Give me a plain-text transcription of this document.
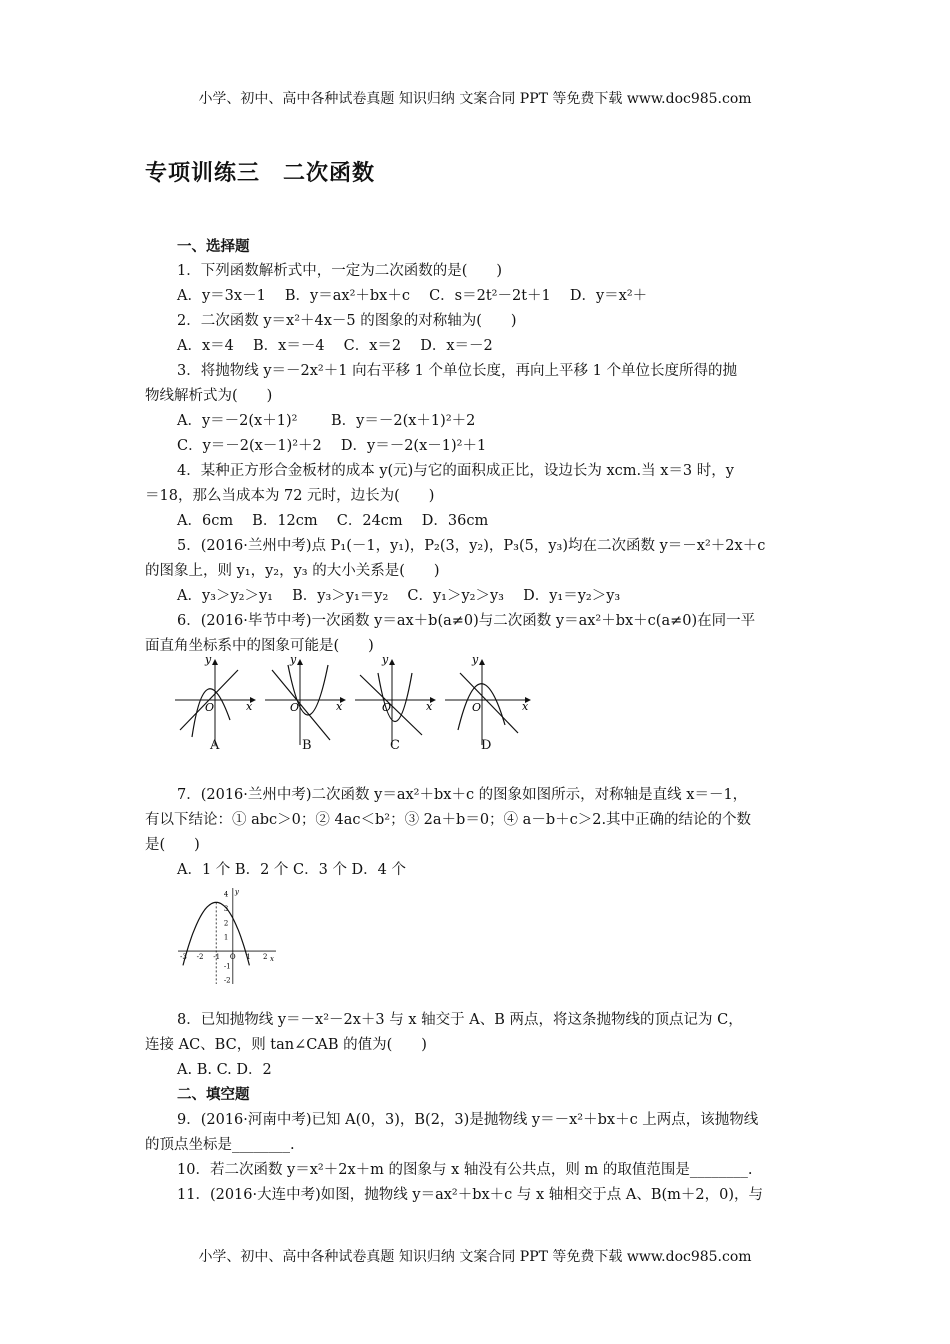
小学、初中、高中各种试卷真题 知识归纳 文案合同 PPT 等免费下载 www.doc985.com
专项训练三　二次函数
一、选择题
1．下列函数解析式中，一定为二次函数的是(　　)
A．y＝3x－1　 B．y＝ax²＋bx＋c　 C．s＝2t²－2t＋1　 D．y＝x²＋
2．二次函数 y＝x²＋4x－5 的图象的对称轴为(　　)
A．x＝4　 B．x＝－4　 C．x＝2　 D．x＝－2
3．将抛物线 y＝－2x²＋1 向右平移 1 个单位长度，再向上平移 1 个单位长度所得的抛
物线解析式为(　　)
A．y＝－2(x＋1)²　　 B．y＝－2(x＋1)²＋2
C．y＝－2(x－1)²＋2　 D．y＝－2(x－1)²＋1
4．某种正方形合金板材的成本 y(元)与它的面积成正比，设边长为 xcm.当 x＝3 时，y
＝18，那么当成本为 72 元时，边长为(　　)
A．6cm　 B．12cm　 C．24cm　 D．36cm
5．(2016·兰州中考)点 P₁(－1，y₁)，P₂(3，y₂)，P₃(5，y₃)均在二次函数 y＝－x²＋2x＋c
的图象上，则 y₁，y₂，y₃ 的大小关系是(　　)
A．y₃＞y₂＞y₁　 B．y₃＞y₁＝y₂　 C．y₁＞y₂＞y₃　 D．y₁＝y₂＞y₃
6．(2016·毕节中考)一次函数 y＝ax＋b(a≠0)与二次函数 y＝ax²＋bx＋c(a≠0)在同一平
面直角坐标系中的图象可能是(　　)
y
x
O
y
x
O
y
x
O
y
x
O
A	B	C	D
7．(2016·兰州中考)二次函数 y＝ax²＋bx＋c 的图象如图所示，对称轴是直线 x＝－1，
有以下结论：① abc＞0；② 4ac＜b²；③ 2a＋b＝0；④ a－b＋c＞2.其中正确的结论的个数
是(　　)
A．1 个 B．2 个 C．3 个 D．4 个
x
y
-3 -2 -1 O 1 2
4
3
2
1
-1
-2
8．已知抛物线 y＝－x²－2x＋3 与 x 轴交于 A、B 两点，将这条抛物线的顶点记为 C，
连接 AC、BC，则 tan∠CAB 的值为(　　)
A. B. C. D．2
二、填空题
9．(2016·河南中考)已知 A(0，3)，B(2，3)是抛物线 y＝－x²＋bx＋c 上两点，该抛物线
的顶点坐标是________.
10．若二次函数 y＝x²＋2x＋m 的图象与 x 轴没有公共点，则 m 的取值范围是________.
11．(2016·大连中考)如图，抛物线 y＝ax²＋bx＋c 与 x 轴相交于点 A、B(m＋2，0)，与
小学、初中、高中各种试卷真题 知识归纳 文案合同 PPT 等免费下载 www.doc985.com
